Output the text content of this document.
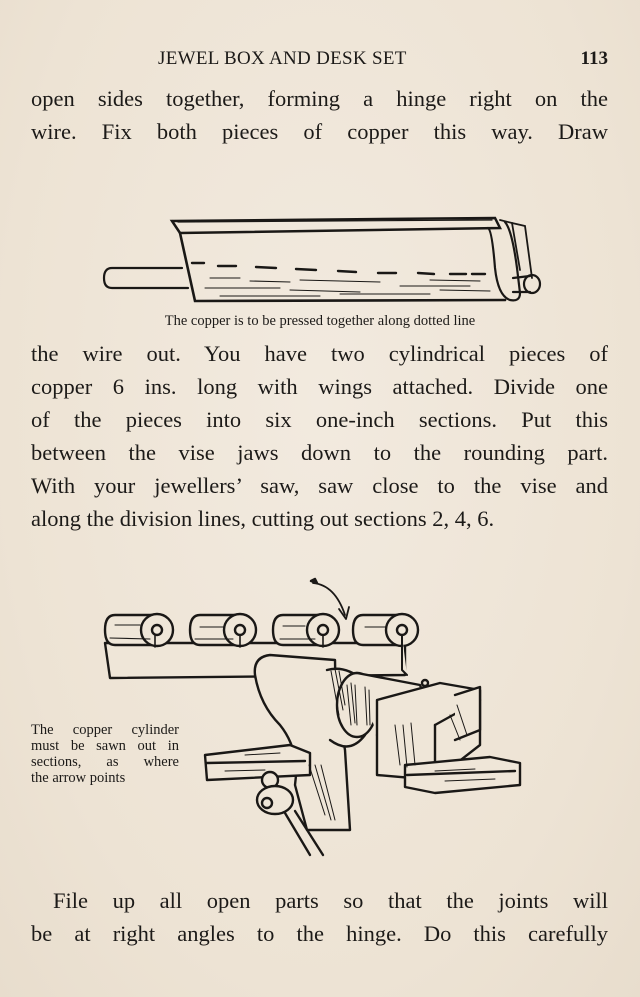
JEWEL BOX AND DESK SET	113
open sides together, forming a hinge right on the
wire. Fix both pieces of copper this way. Draw
The copper is to be pressed together along dotted line
the wire out. You have two cylindrical pieces of
copper 6 ins. long with wings attached. Divide one
of the pieces into six one-inch sections. Put this
between the vise jaws down to the rounding part.
With your jewellers’ saw, saw close to the vise and
along the division lines, cutting out sections 2, 4, 6.
The copper cylinder
must be sawn out in
sections, as where
the arrow points
File up all open parts so that the joints will
be at right angles to the hinge. Do this carefully
